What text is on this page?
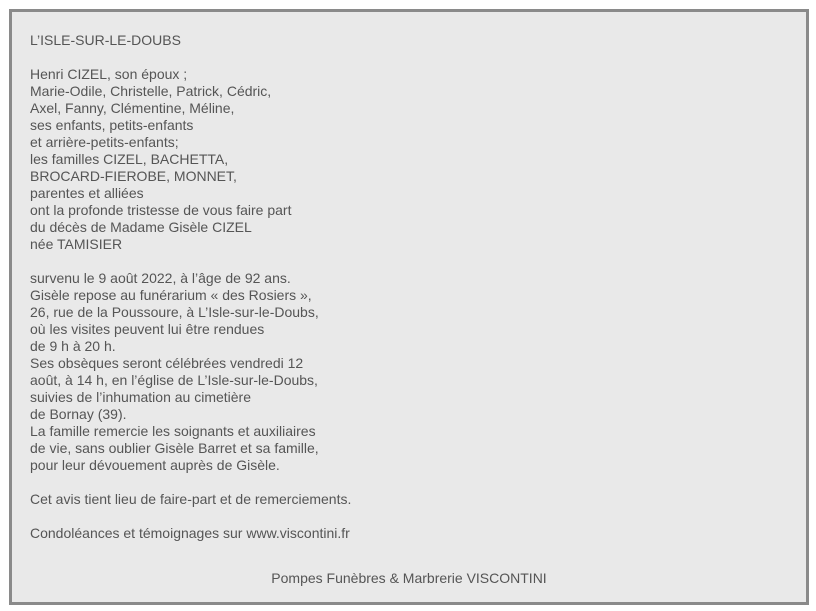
L’ISLE-SUR-LE-DOUBS
Henri CIZEL, son époux ;
Marie-Odile, Christelle, Patrick, Cédric,
Axel, Fanny, Clémentine, Méline,
ses enfants, petits-enfants
et arrière-petits-enfants;
les familles CIZEL, BACHETTA,
BROCARD-FIEROBE, MONNET,
parentes et alliées
ont la profonde tristesse de vous faire part
du décès de Madame Gisèle CIZEL
née TAMISIER
survenu le 9 août 2022, à l’âge de 92 ans.
Gisèle repose au funérarium « des Rosiers »,
26, rue de la Poussoure, à L’Isle-sur-le-Doubs,
où les visites peuvent lui être rendues
de 9 h à 20 h.
Ses obsèques seront célébrées vendredi 12
août, à 14 h, en l’église de L’Isle-sur-le-Doubs,
suivies de l’inhumation au cimetière
de Bornay (39).
La famille remercie les soignants et auxiliaires
de vie, sans oublier Gisèle Barret et sa famille,
pour leur dévouement auprès de Gisèle.
Cet avis tient lieu de faire-part et de remerciements.
Condoléances et témoignages sur www.viscontini.fr
Pompes Funèbres & Marbrerie VISCONTINI
